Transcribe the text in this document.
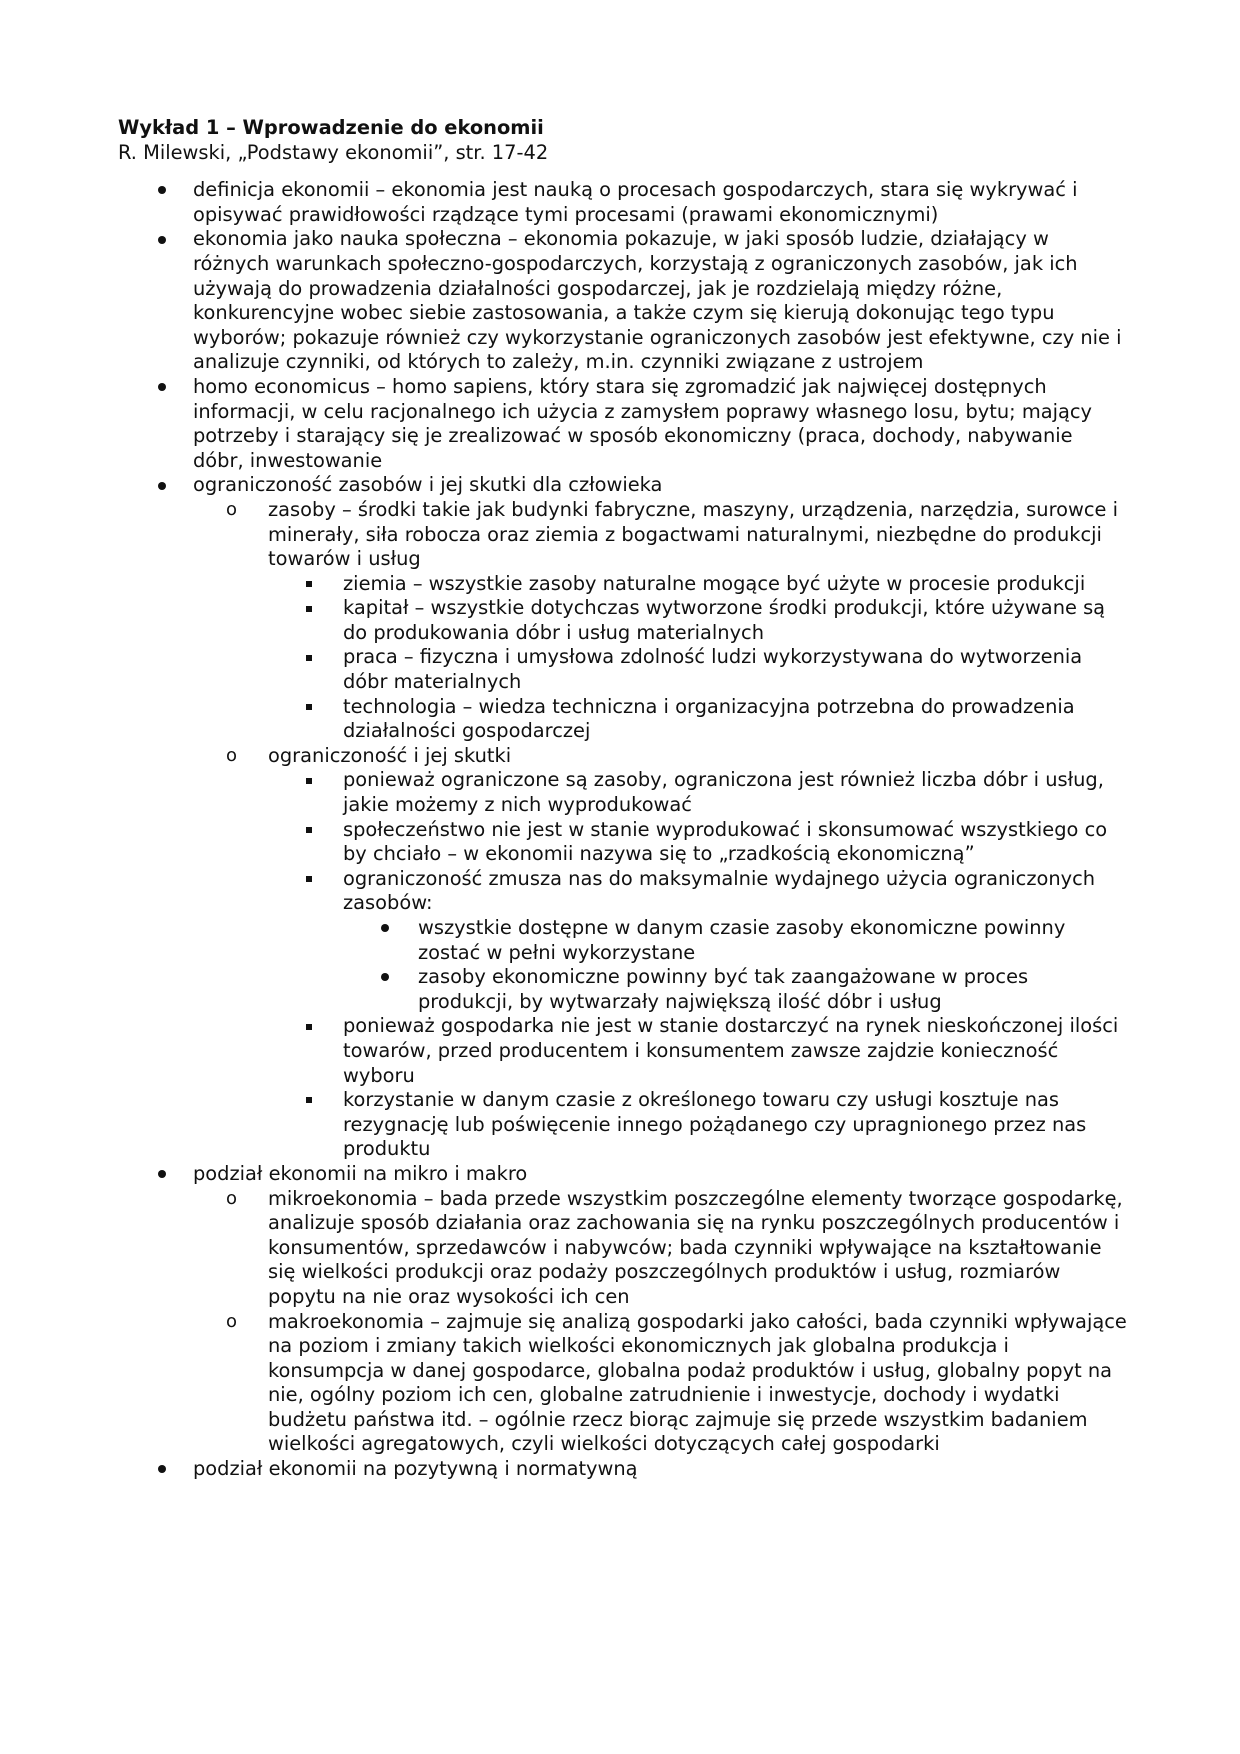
Wykład 1 – Wprowadzenie do ekonomii

R. Milewski, „Podstawy ekonomii”, str. 17-42

definicja ekonomii – ekonomia jest nauką o procesach gospodarczych, stara się wykrywać i opisywać prawidłowości rządzące tymi procesami (prawami ekonomicznymi)
ekonomia jako nauka społeczna – ekonomia pokazuje, w jaki sposób ludzie, działający w różnych warunkach społeczno-gospodarczych, korzystają z ograniczonych zasobów, jak ich używają do prowadzenia działalności gospodarczej, jak je rozdzielają między różne, konkurencyjne wobec siebie zastosowania, a także czym się kierują dokonując tego typu wyborów; pokazuje również czy wykorzystanie ograniczonych zasobów jest efektywne, czy nie i analizuje czynniki, od których to zależy, m.in. czynniki związane z ustrojem
homo economicus – homo sapiens, który stara się zgromadzić jak najwięcej dostępnych informacji, w celu racjonalnego ich użycia z zamysłem poprawy własnego losu, bytu; mający potrzeby i starający się je zrealizować w sposób ekonomiczny (praca, dochody, nabywanie dóbr, inwestowanie
ograniczoność zasobów i jej skutki dla człowieka
o zasoby – środki takie jak budynki fabryczne, maszyny, urządzenia, narzędzia, surowce i minerały, siła robocza oraz ziemia z bogactwami naturalnymi, niezbędne do produkcji towarów i usług
ziemia – wszystkie zasoby naturalne mogące być użyte w procesie produkcji
kapitał – wszystkie dotychczas wytworzone środki produkcji, które używane są do produkowania dóbr i usług materialnych
praca – fizyczna i umysłowa zdolność ludzi wykorzystywana do wytworzenia dóbr materialnych
technologia – wiedza techniczna i organizacyjna potrzebna do prowadzenia działalności gospodarczej
o ograniczoność i jej skutki
ponieważ ograniczone są zasoby, ograniczona jest również liczba dóbr i usług, jakie możemy z nich wyprodukować
społeczeństwo nie jest w stanie wyprodukować i skonsumować wszystkiego co by chciało – w ekonomii nazywa się to „rzadkością ekonomiczną”
ograniczoność zmusza nas do maksymalnie wydajnego użycia ograniczonych zasobów:
wszystkie dostępne w danym czasie zasoby ekonomiczne powinny zostać w pełni wykorzystane
zasoby ekonomiczne powinny być tak zaangażowane w proces produkcji, by wytwarzały największą ilość dóbr i usług
ponieważ gospodarka nie jest w stanie dostarczyć na rynek nieskończonej ilości towarów, przed producentem i konsumentem zawsze zajdzie konieczność wyboru
korzystanie w danym czasie z określonego towaru czy usługi kosztuje nas rezygnację lub poświęcenie innego pożądanego czy upragnionego przez nas produktu
podział ekonomii na mikro i makro
o mikroekonomia – bada przede wszystkim poszczególne elementy tworzące gospodarkę, analizuje sposób działania oraz zachowania się na rynku poszczególnych producentów i konsumentów, sprzedawców i nabywców; bada czynniki wpływające na kształtowanie się wielkości produkcji oraz podaży poszczególnych produktów i usług, rozmiarów popytu na nie oraz wysokości ich cen
o makroekonomia – zajmuje się analizą gospodarki jako całości, bada czynniki wpływające na poziom i zmiany takich wielkości ekonomicznych jak globalna produkcja i konsumpcja w danej gospodarce, globalna podaż produktów i usług, globalny popyt na nie, ogólny poziom ich cen, globalne zatrudnienie i inwestycje, dochody i wydatki budżetu państwa itd. – ogólnie rzecz biorąc zajmuje się przede wszystkim badaniem wielkości agregatowych, czyli wielkości dotyczących całej gospodarki
podział ekonomii na pozytywną i normatywną
